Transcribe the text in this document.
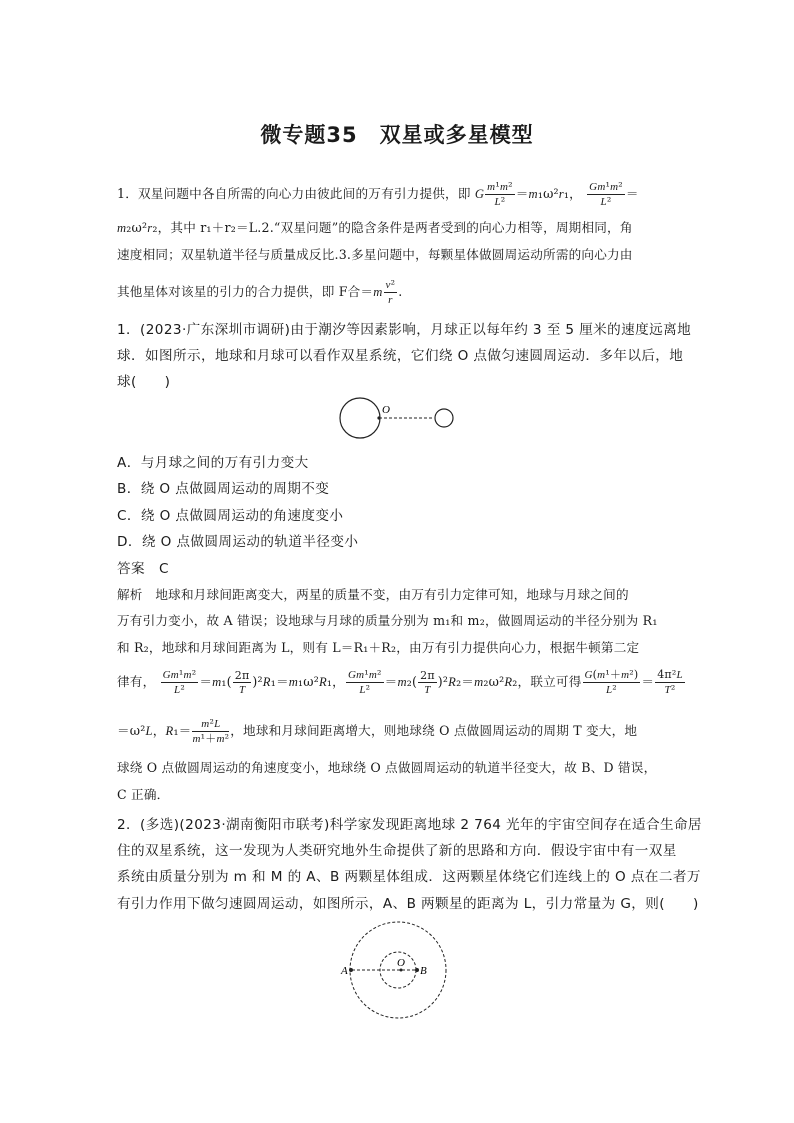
微专题35　双星或多星模型
1．双星问题中各自所需的向心力由彼此间的万有引力提供，即 G $\frac{\text{m¹m²}}{\text{L²}} =m_1\omega^2r_1$， $\frac{\text{Gm¹m²}}{\text{L²}}$ ＝
m₂ω²r₂，其中 r₁＋r₂＝L.2.“双星问题”的隐含条件是两者受到的向心力相等，周期相同，角
速度相同；双星轨道半径与质量成反比.3.多星问题中，每颗星体做圆周运动所需的向心力由
其他星体对该星的引力的合力提供，即 F合$=m \frac{\text{v²}}{r}$ .
1．(2023·广东深圳市调研)由于潮汐等因素影响，月球正以每年约 3 至 5 厘米的速度远离地
球．如图所示，地球和月球可以看作双星系统，它们绕 O 点做匀速圆周运动．多年以后，地
球(　　)
O
A．与月球之间的万有引力变大
B．绕 O 点做圆周运动的周期不变
C．绕 O 点做圆周运动的角速度变小
D．绕 O 点做圆周运动的轨道半径变小
答案　C
解析　地球和月球间距离变大，两星的质量不变，由万有引力定律可知，地球与月球之间的
万有引力变小，故 A 错误；设地球与月球的质量分别为 m₁和 m₂，做圆周运动的半径分别为 R₁
和 R₂，地球和月球间距离为 L，则有 L＝R₁＋R₂，由万有引力提供向心力，根据牛顿第二定
律有， $\frac{\text{Gm¹m²}}{\text{L²}} =m_1( \frac{2\pi}{T} )^2R_1=m_1\omega^2R_1$， $\frac{\text{Gm¹m²}}{\text{L²}} =m_2( \frac{2\pi}{T} )^2R_2=m_2\omega^2R_2$，联立可得 $\frac{\text{G(m¹＋m²)}}{\text{L²}} = \frac{\text{4π²L}}{\text{T²}}$
＝ω²L，$R_1= \frac{\text{m²L}}{\text{m¹＋m²}}$ ，地球和月球间距离增大，则地球绕 O 点做圆周运动的周期 T 变大，地
球绕 O 点做圆周运动的角速度变小，地球绕 O 点做圆周运动的轨道半径变大，故 B、D 错误，
C 正确．
2．(多选)(2023·湖南衡阳市联考)科学家发现距离地球 2 764 光年的宇宙空间存在适合生命居
住的双星系统，这一发现为人类研究地外生命提供了新的思路和方向．假设宇宙中有一双星
系统由质量分别为 m 和 M 的 A、B 两颗星体组成．这两颗星体绕它们连线上的 O 点在二者万
有引力作用下做匀速圆周运动，如图所示，A、B 两颗星的距离为 L，引力常量为 G，则(　　)
A
O
B
